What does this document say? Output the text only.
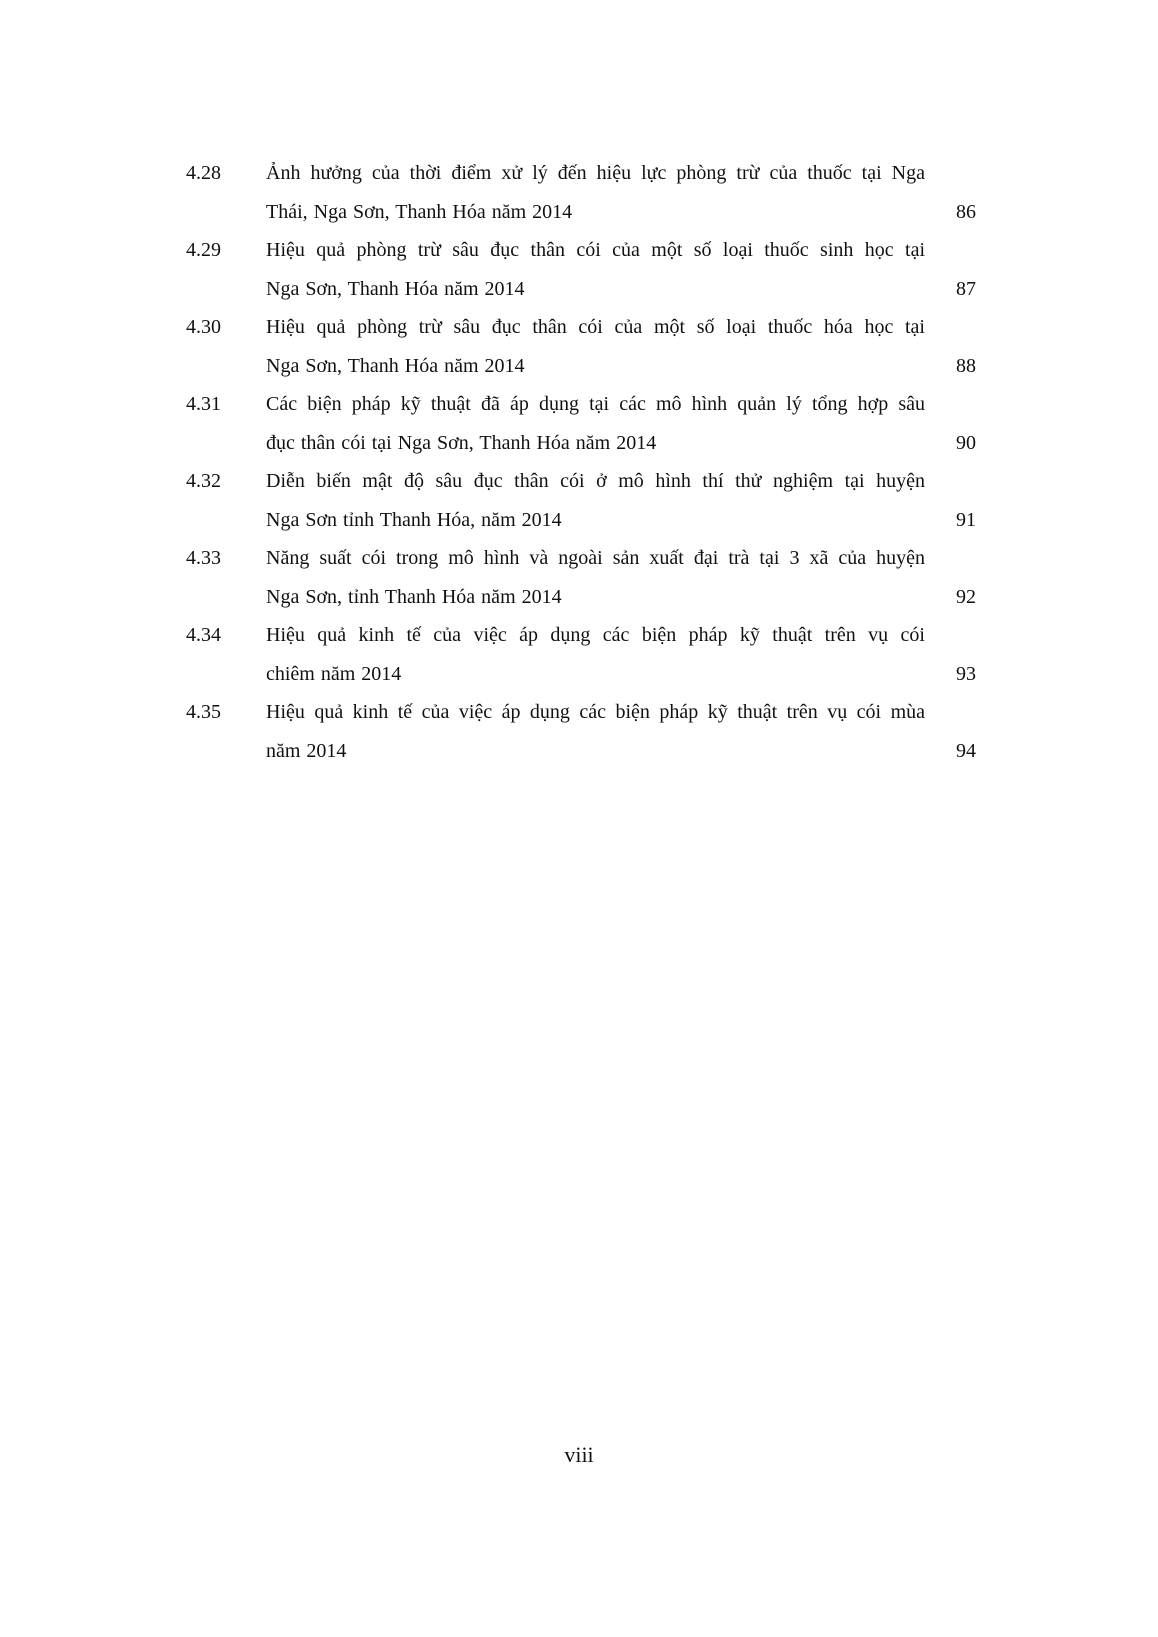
4.28	Ảnh hưởng của thời điểm xử lý đến hiệu lực phòng trừ của thuốc tại Nga
Thái, Nga Sơn, Thanh Hóa năm 2014	86
4.29	Hiệu quả phòng trừ sâu đục thân cói của một số loại thuốc sinh học tại
Nga Sơn, Thanh Hóa năm 2014	87
4.30	Hiệu quả phòng trừ sâu đục thân cói của một số loại thuốc hóa học tại
Nga Sơn, Thanh Hóa năm 2014	88
4.31	Các biện pháp kỹ thuật đã áp dụng tại các mô hình quản lý tổng hợp sâu
đục thân cói tại Nga Sơn, Thanh Hóa năm 2014	90
4.32	Diễn biến mật độ sâu đục thân cói ở mô hình thí thử nghiệm tại huyện
Nga Sơn tỉnh Thanh Hóa, năm 2014	91
4.33	Năng suất cói trong mô hình và ngoài sản xuất đại trà tại 3 xã của huyện
Nga Sơn, tỉnh Thanh Hóa năm 2014	92
4.34	Hiệu quả kinh tế của việc áp dụng các biện pháp kỹ thuật trên vụ cói
chiêm năm 2014	93
4.35	Hiệu quả kinh tế của việc áp dụng các biện pháp kỹ thuật trên vụ cói mùa
năm 2014	94
viii
